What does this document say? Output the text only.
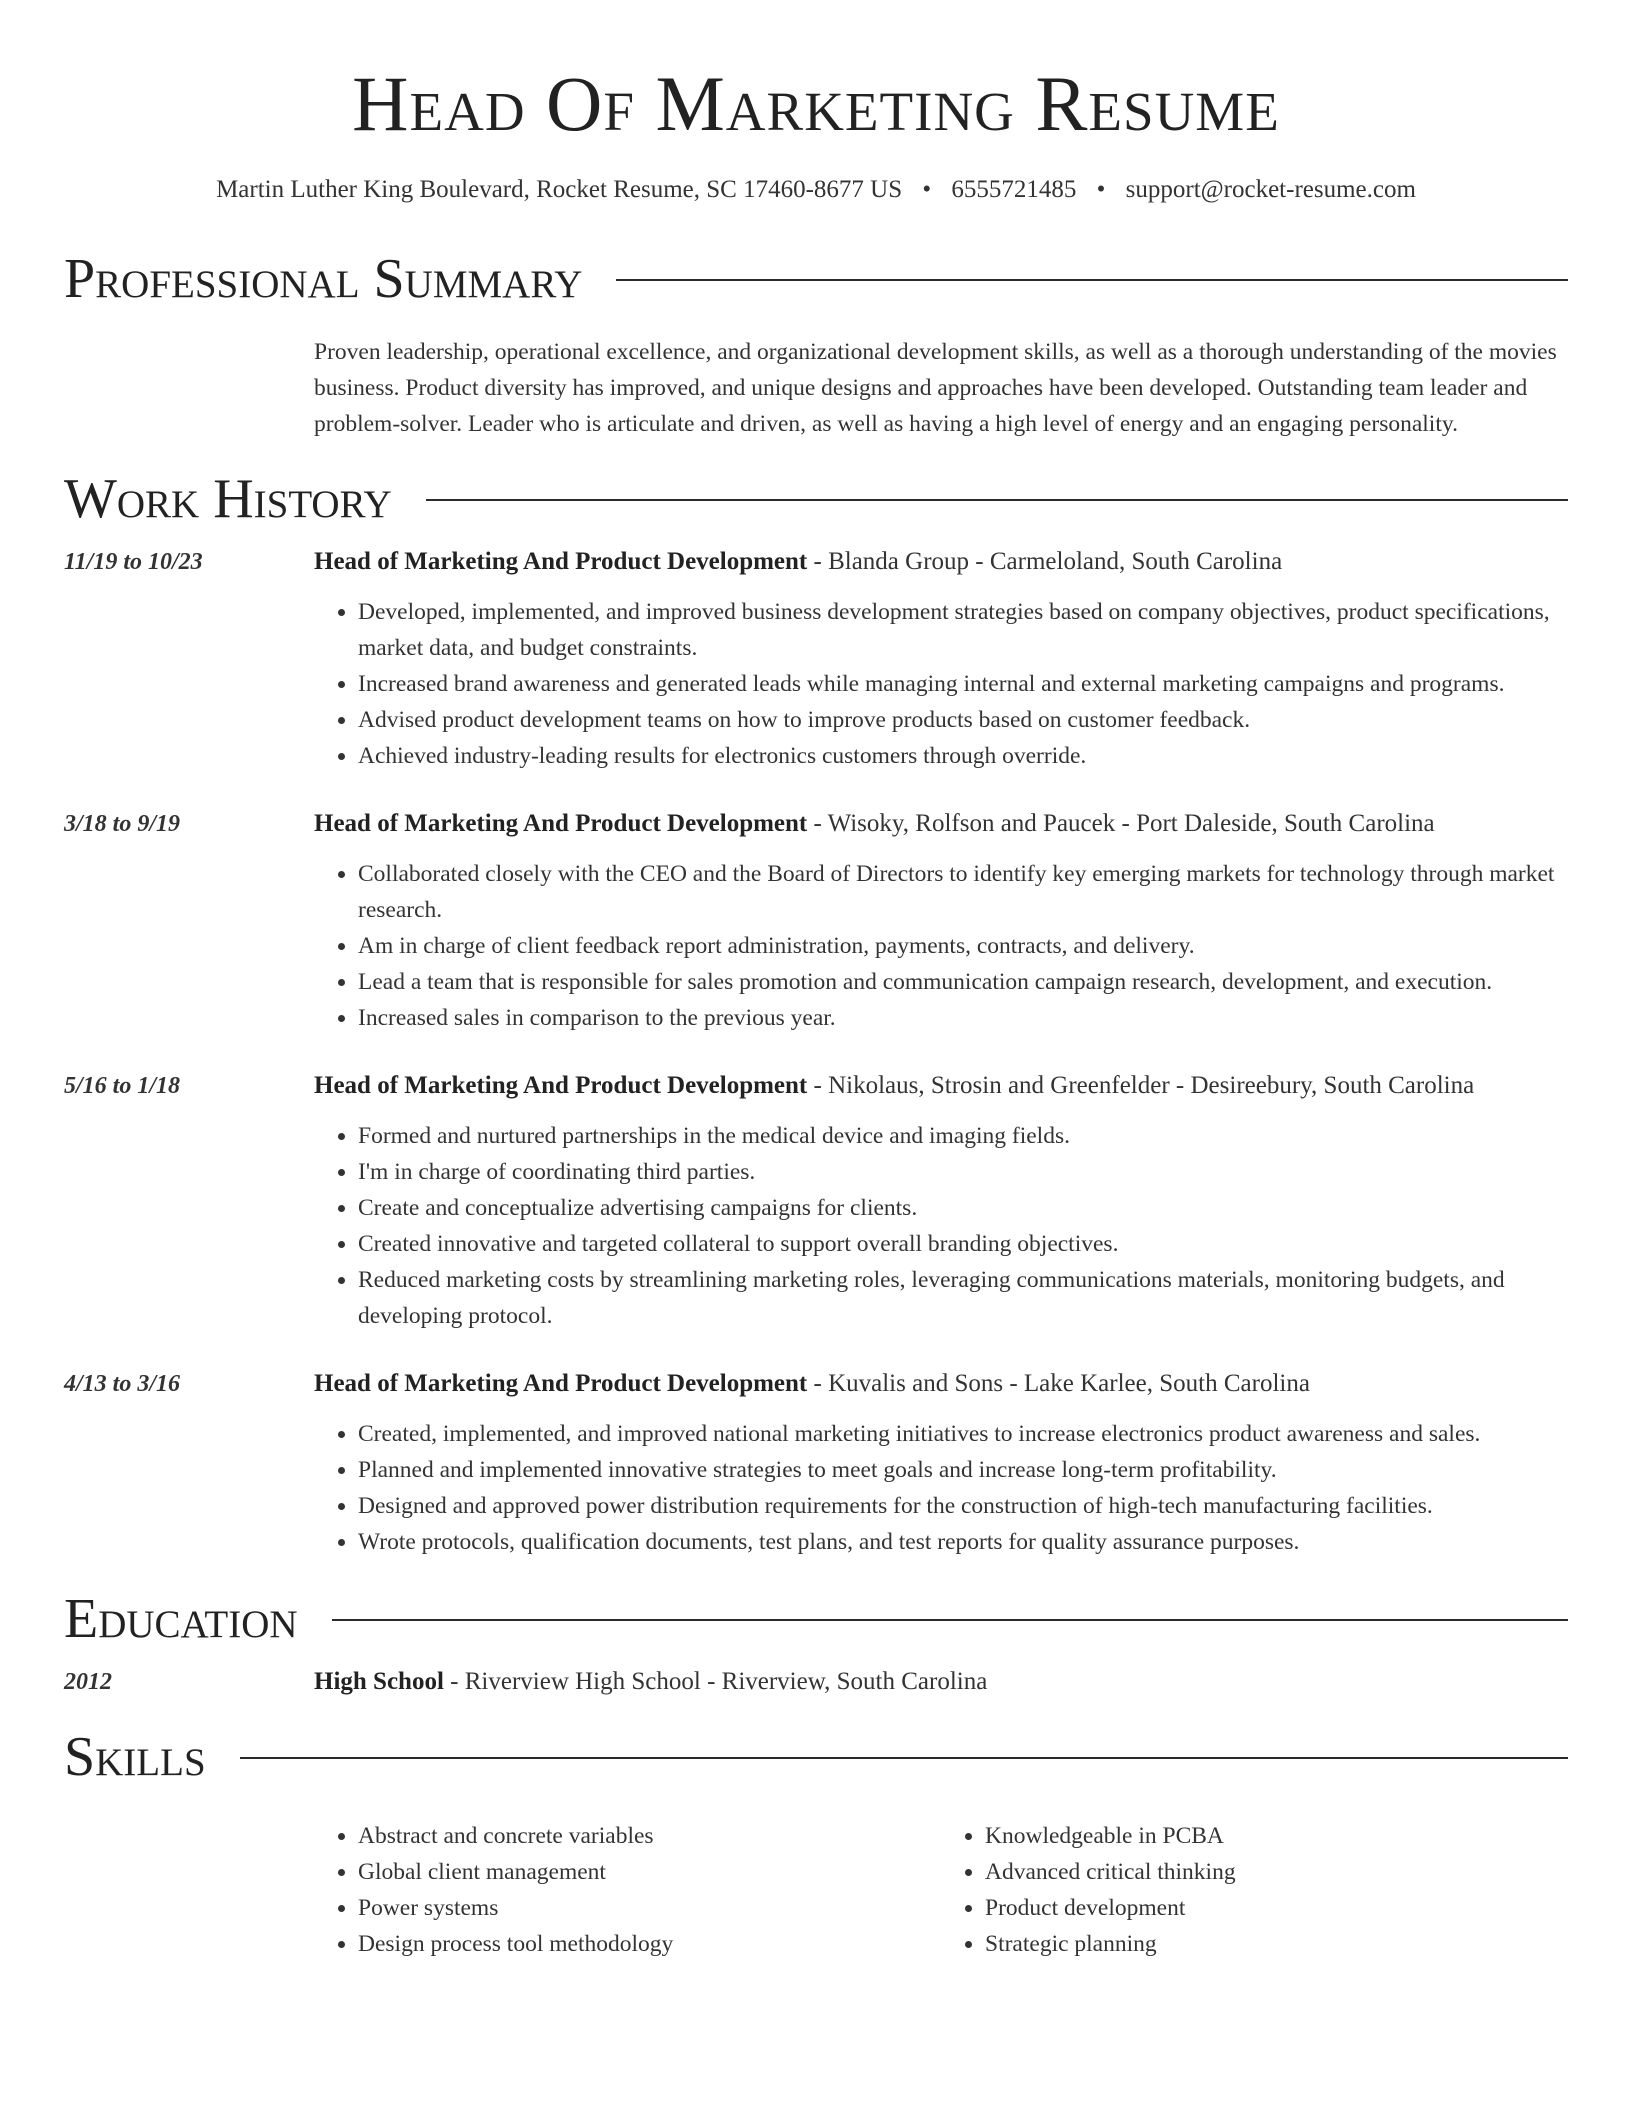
Head Of Marketing Resume
Martin Luther King Boulevard, Rocket Resume, SC 17460-8677 US • 6555721485 • support@rocket-resume.com
Professional Summary
Proven leadership, operational excellence, and organizational development skills, as well as a thorough understanding of the movies business. Product diversity has improved, and unique designs and approaches have been developed. Outstanding team leader and problem-solver. Leader who is articulate and driven, as well as having a high level of energy and an engaging personality.
Work History
11/19 to 10/23	Head of Marketing And Product Development - Blanda Group - Carmeloland, South Carolina
• Developed, implemented, and improved business development strategies based on company objectives, product specifications, market data, and budget constraints.
• Increased brand awareness and generated leads while managing internal and external marketing campaigns and programs.
• Advised product development teams on how to improve products based on customer feedback.
• Achieved industry-leading results for electronics customers through override.
3/18 to 9/19	Head of Marketing And Product Development - Wisoky, Rolfson and Paucek - Port Daleside, South Carolina
• Collaborated closely with the CEO and the Board of Directors to identify key emerging markets for technology through market research.
• Am in charge of client feedback report administration, payments, contracts, and delivery.
• Lead a team that is responsible for sales promotion and communication campaign research, development, and execution.
• Increased sales in comparison to the previous year.
5/16 to 1/18	Head of Marketing And Product Development - Nikolaus, Strosin and Greenfelder - Desireebury, South Carolina
• Formed and nurtured partnerships in the medical device and imaging fields.
• I'm in charge of coordinating third parties.
• Create and conceptualize advertising campaigns for clients.
• Created innovative and targeted collateral to support overall branding objectives.
• Reduced marketing costs by streamlining marketing roles, leveraging communications materials, monitoring budgets, and developing protocol.
4/13 to 3/16	Head of Marketing And Product Development - Kuvalis and Sons - Lake Karlee, South Carolina
• Created, implemented, and improved national marketing initiatives to increase electronics product awareness and sales.
• Planned and implemented innovative strategies to meet goals and increase long-term profitability.
• Designed and approved power distribution requirements for the construction of high-tech manufacturing facilities.
• Wrote protocols, qualification documents, test plans, and test reports for quality assurance purposes.
Education
2012	High School - Riverview High School - Riverview, South Carolina
Skills
• Abstract and concrete variables
• Global client management
• Power systems
• Design process tool methodology
• Knowledgeable in PCBA
• Advanced critical thinking
• Product development
• Strategic planning
